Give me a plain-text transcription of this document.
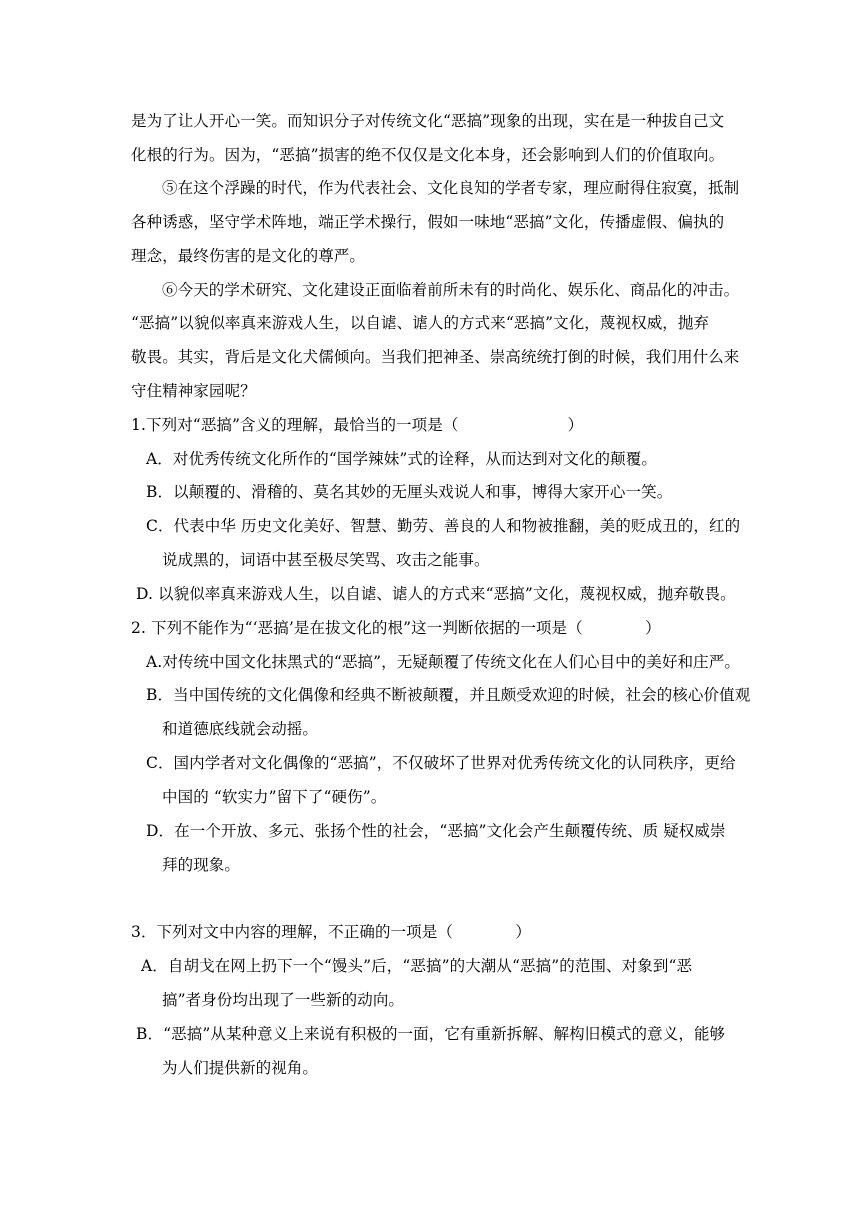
是为了让人开心一笑。而知识分子对传统文化“恶搞”现象的出现，实在是一种拔自己文
化根的行为。因为，“恶搞”损害的绝不仅仅是文化本身，还会影响到人们的价值取向。
⑤在这个浮躁的时代，作为代表社会、文化良知的学者专家，理应耐得住寂寞，抵制
各种诱惑，坚守学术阵地，端正学术操行，假如一味地“恶搞”文化，传播虚假、偏执的
理念，最终伤害的是文化的尊严。
⑥今天的学术研究、文化建设正面临着前所未有的时尚化、娱乐化、商品化的冲击。
“恶搞”以貌似率真来游戏人生，以自谑、谑人的方式来“恶搞”文化，蔑视权威，抛弃
敬畏。其实，背后是文化犬儒倾向。当我们把神圣、崇高统统打倒的时候，我们用什么来
守住精神家园呢？
1.下列对“恶搞”含义的理解，最恰当的一项是（　　　　　　　）
A．对优秀传统文化所作的“国学辣妹”式的诠释，从而达到对文化的颠覆。
B．以颠覆的、滑稽的、莫名其妙的无厘头戏说人和事，博得大家开心一笑。
C．代表中华 历史文化美好、智慧、勤劳、善良的人和物被推翻，美的贬成丑的，红的
说成黑的，词语中甚至极尽笑骂、攻击之能事。
D. 以貌似率真来游戏人生，以自谑、谑人的方式来“恶搞”文化，蔑视权威，抛弃敬畏。
2. 下列不能作为“‘恶搞’是在拔文化的根”这一判断依据的一项是（　　　　）
A.对传统中国文化抹黑式的“恶搞”，无疑颠覆了传统文化在人们心目中的美好和庄严。
B．当中国传统的文化偶像和经典不断被颠覆，并且颇受欢迎的时候，社会的核心价值观
和道德底线就会动摇。
C．国内学者对文化偶像的“恶搞”，不仅破坏了世界对优秀传统文化的认同秩序，更给
中国的 “软实力”留下了“硬伤”。
D．在一个开放、多元、张扬个性的社会，“恶搞”文化会产生颠覆传统、质 疑权威崇
拜的现象。
3．下列对文中内容的理解，不正确的一项是（　　　　）
A．自胡戈在网上扔下一个“馒头”后，“恶搞”的大潮从“恶搞”的范围、对象到“恶
搞”者身份均出现了一些新的动向。
B．“恶搞”从某种意义上来说有积极的一面，它有重新拆解、解构旧模式的意义，能够
为人们提供新的视角。
